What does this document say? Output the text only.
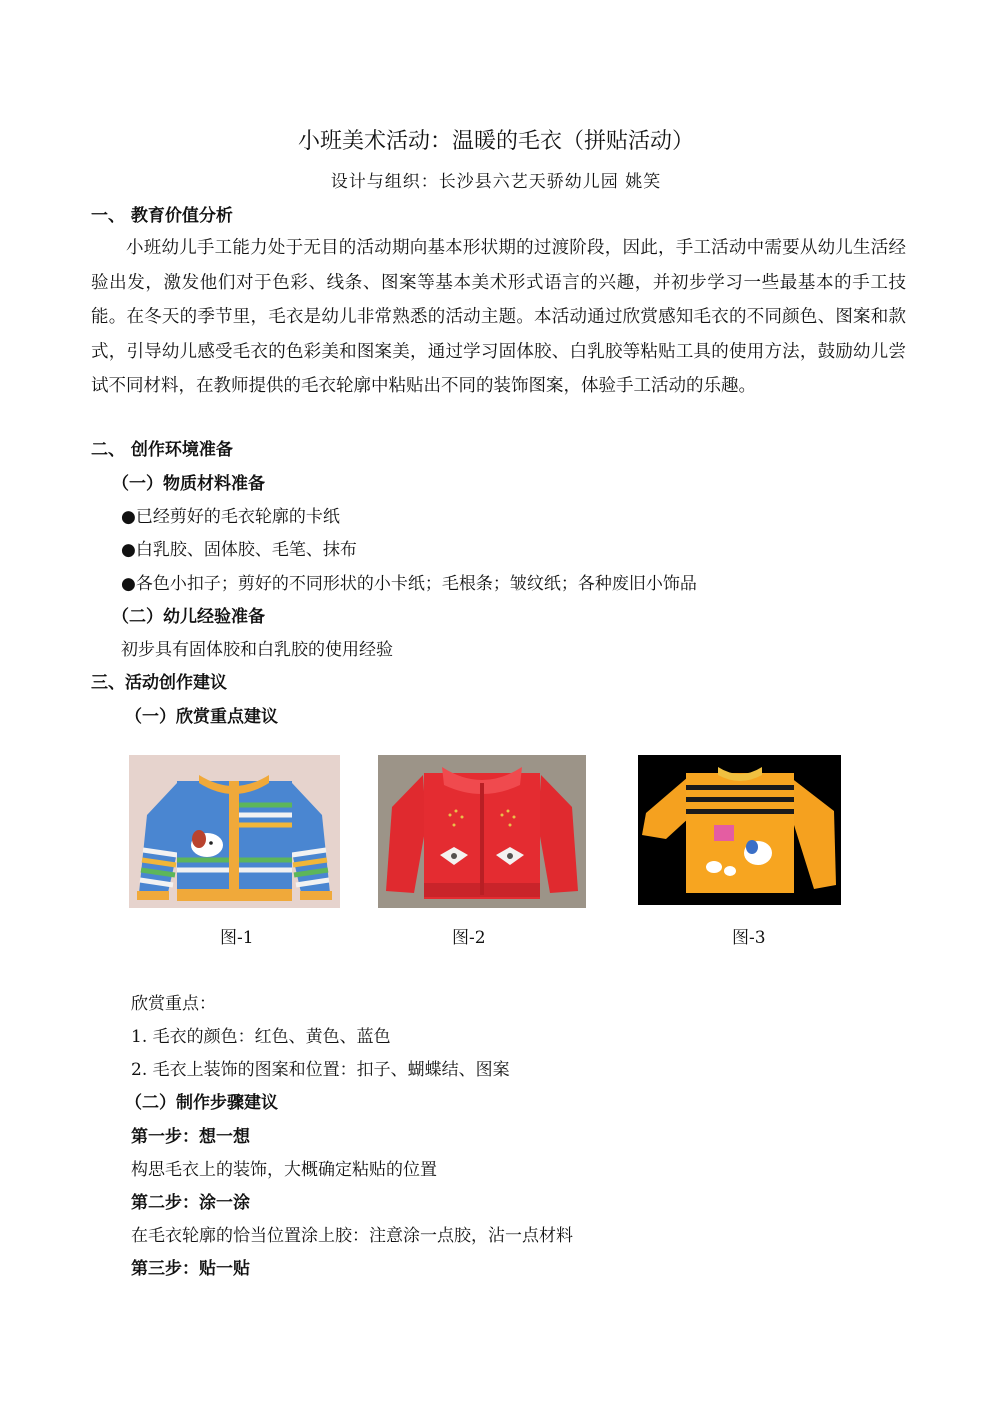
小班美术活动：温暖的毛衣（拼贴活动）
设计与组织：长沙县六艺天骄幼儿园 姚笑
一、 教育价值分析
小班幼儿手工能力处于无目的活动期向基本形状期的过渡阶段，因此，手工活动中需要从幼儿生活经验出发，激发他们对于色彩、线条、图案等基本美术形式语言的兴趣，并初步学习一些最基本的手工技能。在冬天的季节里，毛衣是幼儿非常熟悉的活动主题。本活动通过欣赏感知毛衣的不同颜色、图案和款式，引导幼儿感受毛衣的色彩美和图案美，通过学习固体胶、白乳胶等粘贴工具的使用方法，鼓励幼儿尝试不同材料，在教师提供的毛衣轮廓中粘贴出不同的装饰图案，体验手工活动的乐趣。
二、 创作环境准备
（一）物质材料准备
●已经剪好的毛衣轮廓的卡纸
●白乳胶、固体胶、毛笔、抹布
●各色小扣子；剪好的不同形状的小卡纸；毛根条；皱纹纸；各种废旧小饰品
（二）幼儿经验准备
初步具有固体胶和白乳胶的使用经验
三、活动创作建议
（一）欣赏重点建议
图-1	图-2	图-3
欣赏重点：
1. 毛衣的颜色：红色、黄色、蓝色
2. 毛衣上装饰的图案和位置：扣子、蝴蝶结、图案
（二）制作步骤建议
第一步：想一想
构思毛衣上的装饰，大概确定粘贴的位置
第二步：涂一涂
在毛衣轮廓的恰当位置涂上胶：注意涂一点胶，沾一点材料
第三步：贴一贴
